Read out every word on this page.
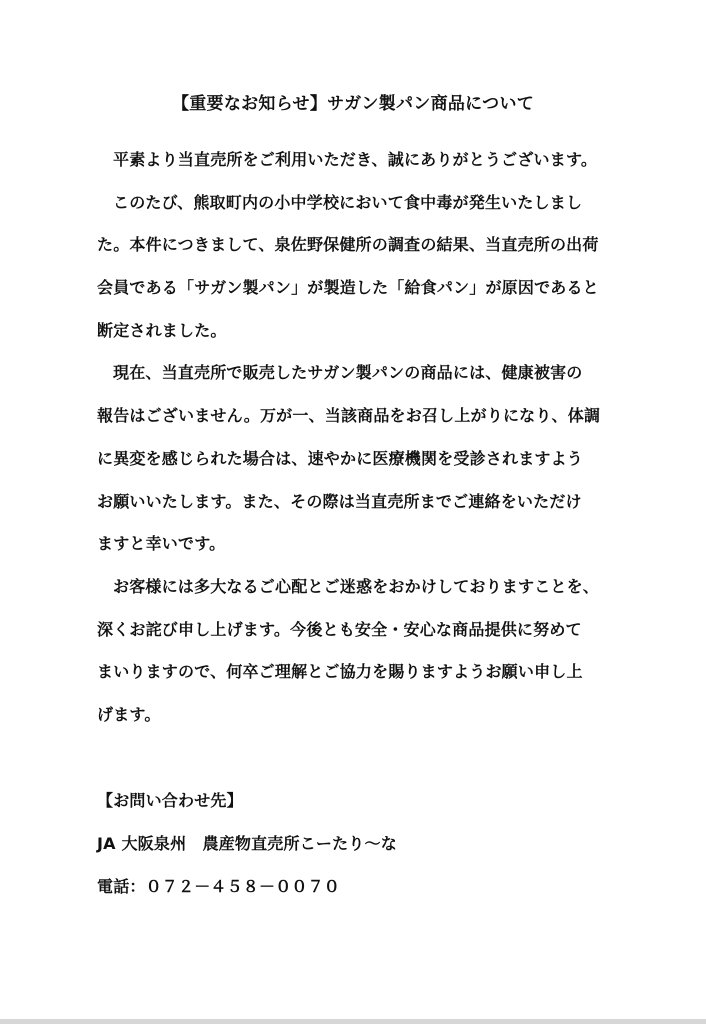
【重要なお知らせ】サガン製パン商品について
平素より当直売所をご利用いただき、誠にありがとうございます。
このたび、熊取町内の小中学校において食中毒が発生いたしまし
た。本件につきまして、泉佐野保健所の調査の結果、当直売所の出荷
会員である「サガン製パン」が製造した「給食パン」が原因であると
断定されました。
現在、当直売所で販売したサガン製パンの商品には、健康被害の
報告はございません。万が一、当該商品をお召し上がりになり、体調
に異変を感じられた場合は、速やかに医療機関を受診されますよう
お願いいたします。また、その際は当直売所までご連絡をいただけ
ますと幸いです。
お客様には多大なるご心配とご迷惑をおかけしておりますことを、
深くお詫び申し上げます。今後とも安全・安心な商品提供に努めて
まいりますので、何卒ご理解とご協力を賜りますようお願い申し上
げます。
【お問い合わせ先】
JA 大阪泉州　農産物直売所こーたり～な
電話：０７２－４５８－００７０
